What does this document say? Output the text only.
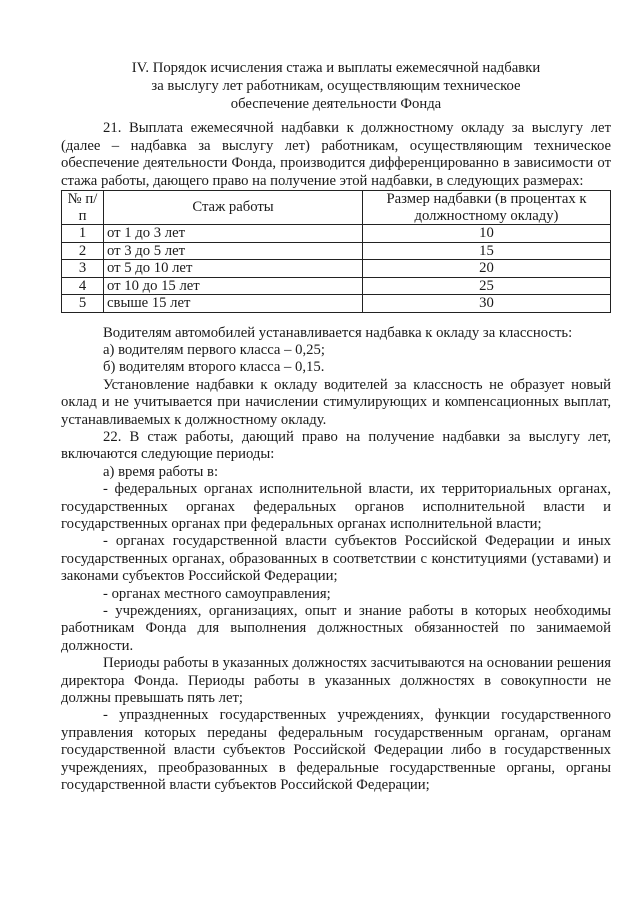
IV. Порядок исчисления стажа и выплаты ежемесячной надбавки
за выслугу лет работникам, осуществляющим техническое
обеспечение деятельности Фонда

21. Выплата ежемесячной надбавки к должностному окладу за выслугу лет (далее – надбавка за выслугу лет) работникам, осуществляющим техническое обеспечение деятельности Фонда, производится дифференцированно в зависимости от стажа работы, дающего право на получение этой надбавки, в следующих размерах:

№ п/п	Стаж работы	Размер надбавки (в процентах к должностному окладу)
1	от 1 до 3 лет	10
2	от 3 до 5 лет	15
3	от 5 до 10 лет	20
4	от 10 до 15 лет	25
5	свыше 15 лет	30

Водителям автомобилей устанавливается надбавка к окладу за классность:

а) водителям первого класса – 0,25;

б) водителям второго класса – 0,15.

Установление надбавки к окладу водителей за классность не образует новый оклад и не учитывается при начислении стимулирующих и компенсационных выплат, устанавливаемых к должностному окладу.

22. В стаж работы, дающий право на получение надбавки за выслугу лет, включаются следующие периоды:

а) время работы в:

- федеральных органах исполнительной власти, их территориальных органах, государственных органах федеральных органов исполнительной власти и государственных органах при федеральных органах исполнительной власти;

- органах государственной власти субъектов Российской Федерации и иных государственных органах, образованных в соответствии с конституциями (уставами) и законами субъектов Российской Федерации;

- органах местного самоуправления;

- учреждениях, организациях, опыт и знание работы в которых необходимы работникам Фонда для выполнения должностных обязанностей по занимаемой должности.

Периоды работы в указанных должностях засчитываются на основании решения директора Фонда. Периоды работы в указанных должностях в совокупности не должны превышать пять лет;

- упраздненных государственных учреждениях, функции государственного управления которых переданы федеральным государственным органам, органам государственной власти субъектов Российской Федерации либо в государственных учреждениях, преобразованных в федеральные государственные органы, органы государственной власти субъектов Российской Федерации;
